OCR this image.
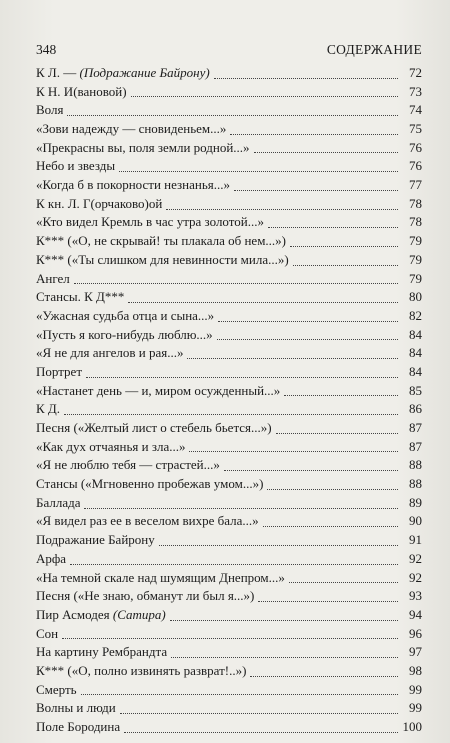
348	СОДЕРЖАНИЕ
К Л. — (Подражание Байрону)	72
К Н. И(вановой)	73
Воля	74
«Зови надежду — сновиденьем...»	75
«Прекрасны вы, поля земли родной...»	76
Небо и звезды	76
«Когда б в покорности незнанья...»	77
К кн. Л. Г(орчаково)ой	78
«Кто видел Кремль в час утра золотой...»	78
К*** («О, не скрывай! ты плакала об нем...»)	79
К*** («Ты слишком для невинности мила...»)	79
Ангел	79
Стансы. К Д***	80
«Ужасная судьба отца и сына...»	82
«Пусть я кого-нибудь люблю...»	84
«Я не для ангелов и рая...»	84
Портрет	84
«Настанет день — и, миром осужденный...»	85
К Д.	86
Песня («Желтый лист о стебель бьется...»)	87
«Как дух отчаянья и зла...»	87
«Я не люблю тебя — страстей...»	88
Стансы («Мгновенно пробежав умом...»)	88
Баллада	89
«Я видел раз ее в веселом вихре бала...»	90
Подражание Байрону	91
Арфа	92
«На темной скале над шумящим Днепром...»	92
Песня («Не знаю, обманут ли был я...»)	93
Пир Асмодея (Сатира)	94
Сон	96
На картину Рембрандта	97
К*** («О, полно извинять разврат!..»)	98
Смерть	99
Волны и люди	99
Поле Бородина	100
